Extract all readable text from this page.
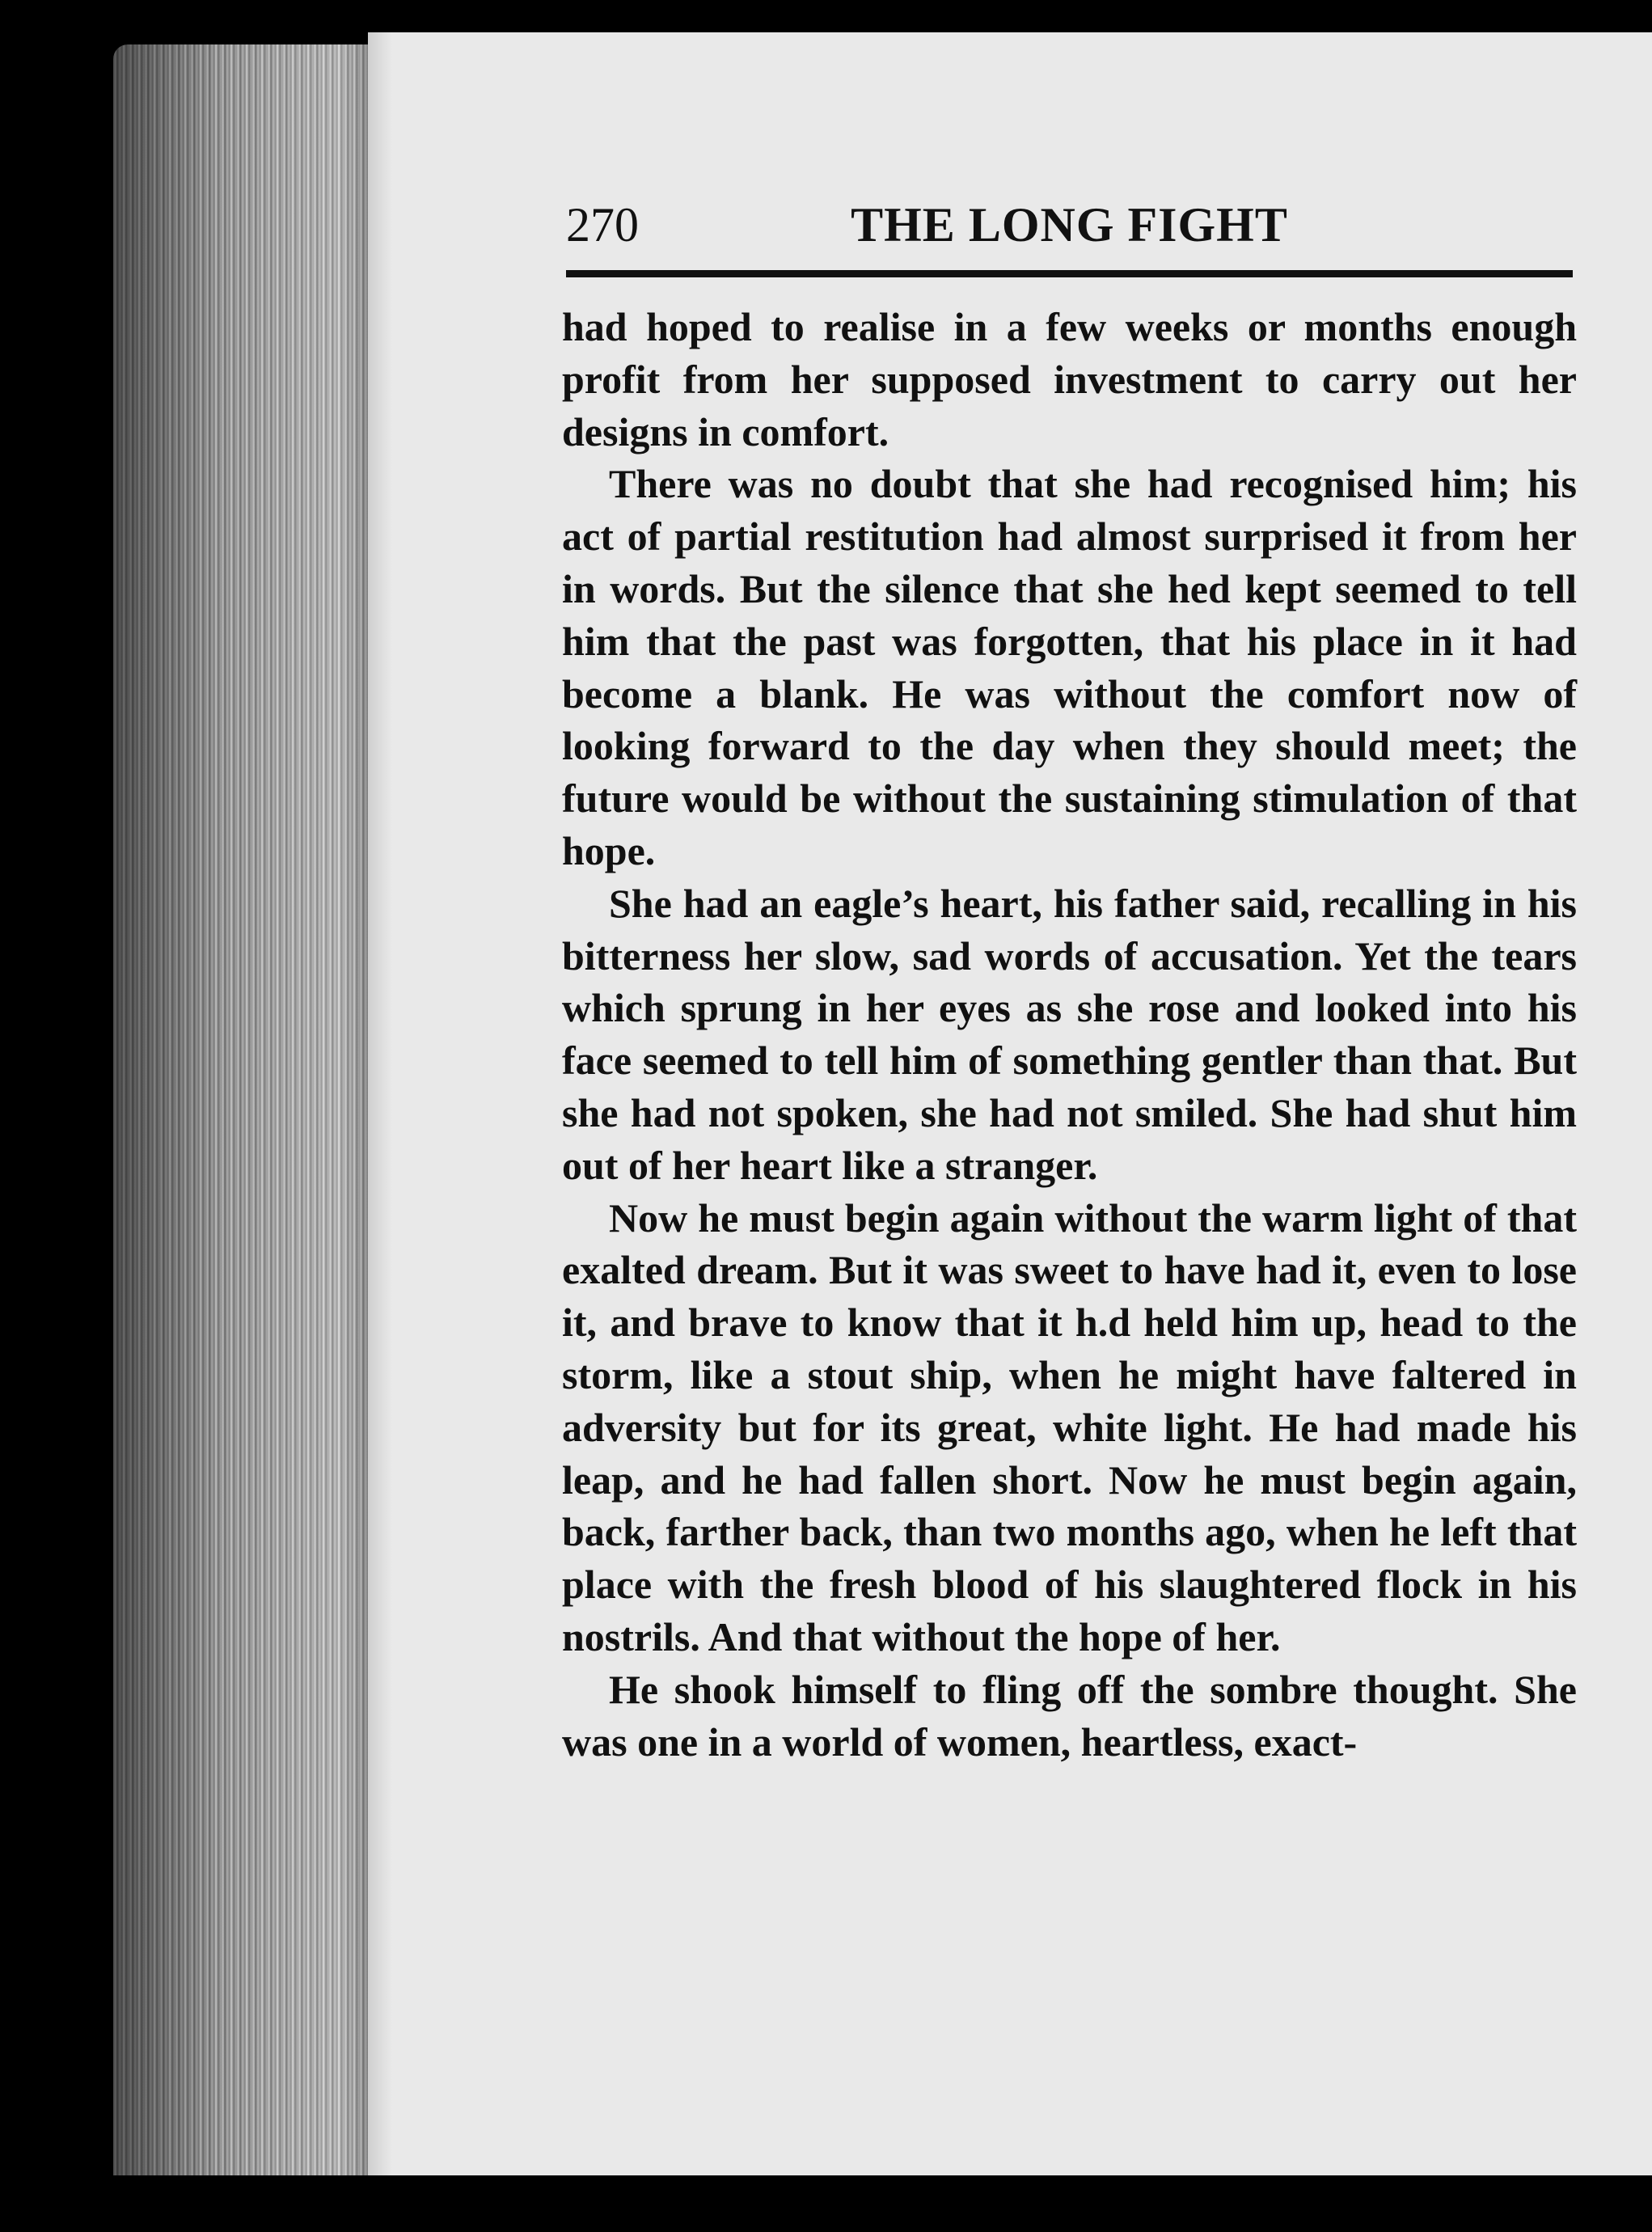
270	THE LONG FIGHT

had hoped to realise in a few weeks or months enough profit from her supposed investment to carry out her designs in comfort.

There was no doubt that she had recognised him; his act of partial restitution had almost surprised it from her in words. But the silence that she hed kept seemed to tell him that the past was forgotten, that his place in it had become a blank. He was without the comfort now of looking forward to the day when they should meet; the future would be without the sustaining stimulation of that hope.

She had an eagle’s heart, his father said, recalling in his bitterness her slow, sad words of accusation. Yet the tears which sprung in her eyes as she rose and looked into his face seemed to tell him of something gentler than that. But she had not spoken, she had not smiled. She had shut him out of her heart like a stranger.

Now he must begin again without the warm light of that exalted dream. But it was sweet to have had it, even to lose it, and brave to know that it h.d held him up, head to the storm, like a stout ship, when he might have faltered in adversity but for its great, white light. He had made his leap, and he had fallen short. Now he must begin again, back, farther back, than two months ago, when he left that place with the fresh blood of his slaughtered flock in his nostrils. And that without the hope of her.

He shook himself to fling off the sombre thought. She was one in a world of women, heartless, exact-
